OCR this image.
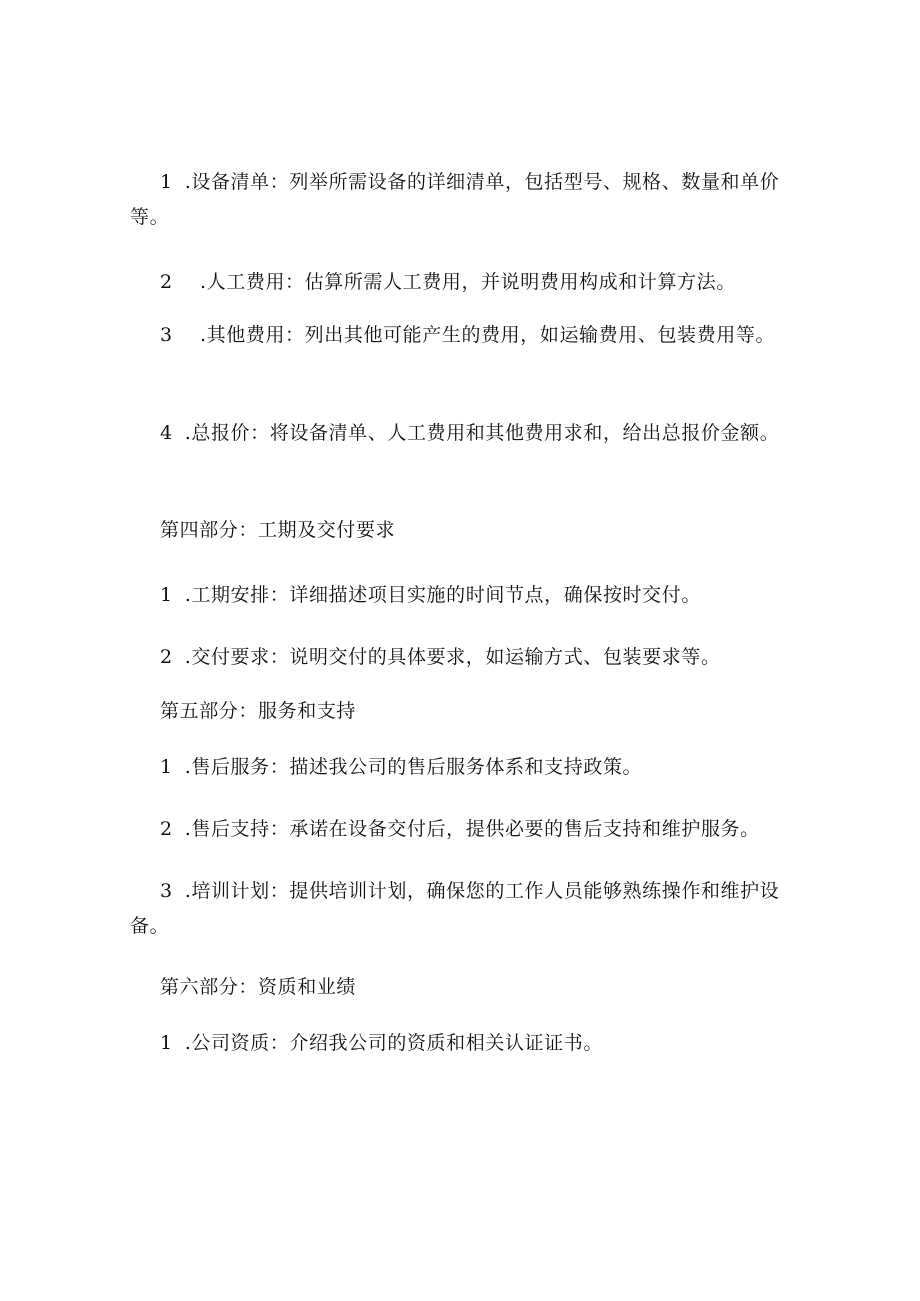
1 .设备清单：列举所需设备的详细清单，包括型号、规格、数量和单价等。
2 .人工费用：估算所需人工费用，并说明费用构成和计算方法。
3 .其他费用：列出其他可能产生的费用，如运输费用、包装费用等。
4 .总报价：将设备清单、人工费用和其他费用求和，给出总报价金额。
第四部分：工期及交付要求
1 .工期安排：详细描述项目实施的时间节点，确保按时交付。
2 .交付要求：说明交付的具体要求，如运输方式、包装要求等。
第五部分：服务和支持
1 .售后服务：描述我公司的售后服务体系和支持政策。
2 .售后支持：承诺在设备交付后，提供必要的售后支持和维护服务。
3 .培训计划：提供培训计划，确保您的工作人员能够熟练操作和维护设备。
第六部分：资质和业绩
1 .公司资质：介绍我公司的资质和相关认证证书。
